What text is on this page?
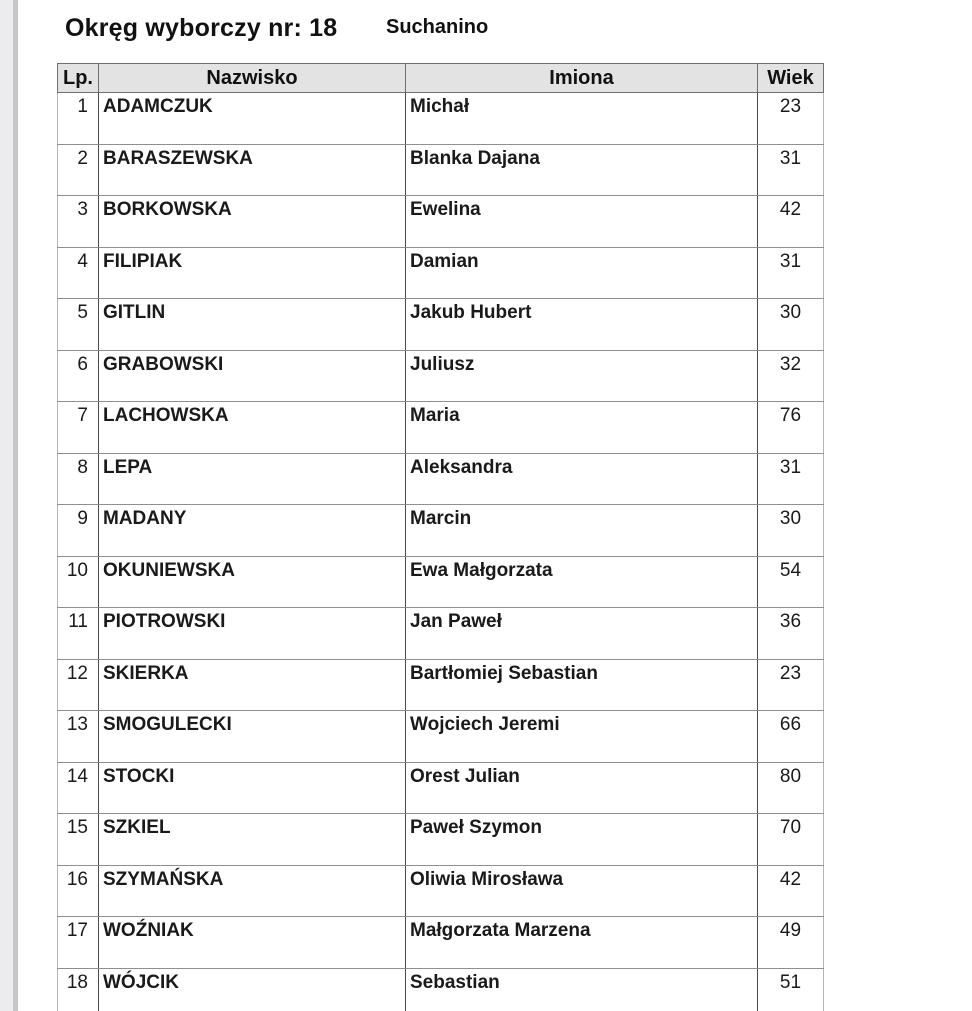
Okręg wyborczy nr: 18 Suchanino
Lp.	Nazwisko	Imiona	Wiek
1	ADAMCZUK	Michał	23
2	BARASZEWSKA	Blanka Dajana	31
3	BORKOWSKA	Ewelina	42
4	FILIPIAK	Damian	31
5	GITLIN	Jakub Hubert	30
6	GRABOWSKI	Juliusz	32
7	LACHOWSKA	Maria	76
8	LEPA	Aleksandra	31
9	MADANY	Marcin	30
10	OKUNIEWSKA	Ewa Małgorzata	54
11	PIOTROWSKI	Jan Paweł	36
12	SKIERKA	Bartłomiej Sebastian	23
13	SMOGULECKI	Wojciech Jeremi	66
14	STOCKI	Orest Julian	80
15	SZKIEL	Paweł Szymon	70
16	SZYMAŃSKA	Oliwia Mirosława	42
17	WOŹNIAK	Małgorzata Marzena	49
18	WÓJCIK	Sebastian	51
